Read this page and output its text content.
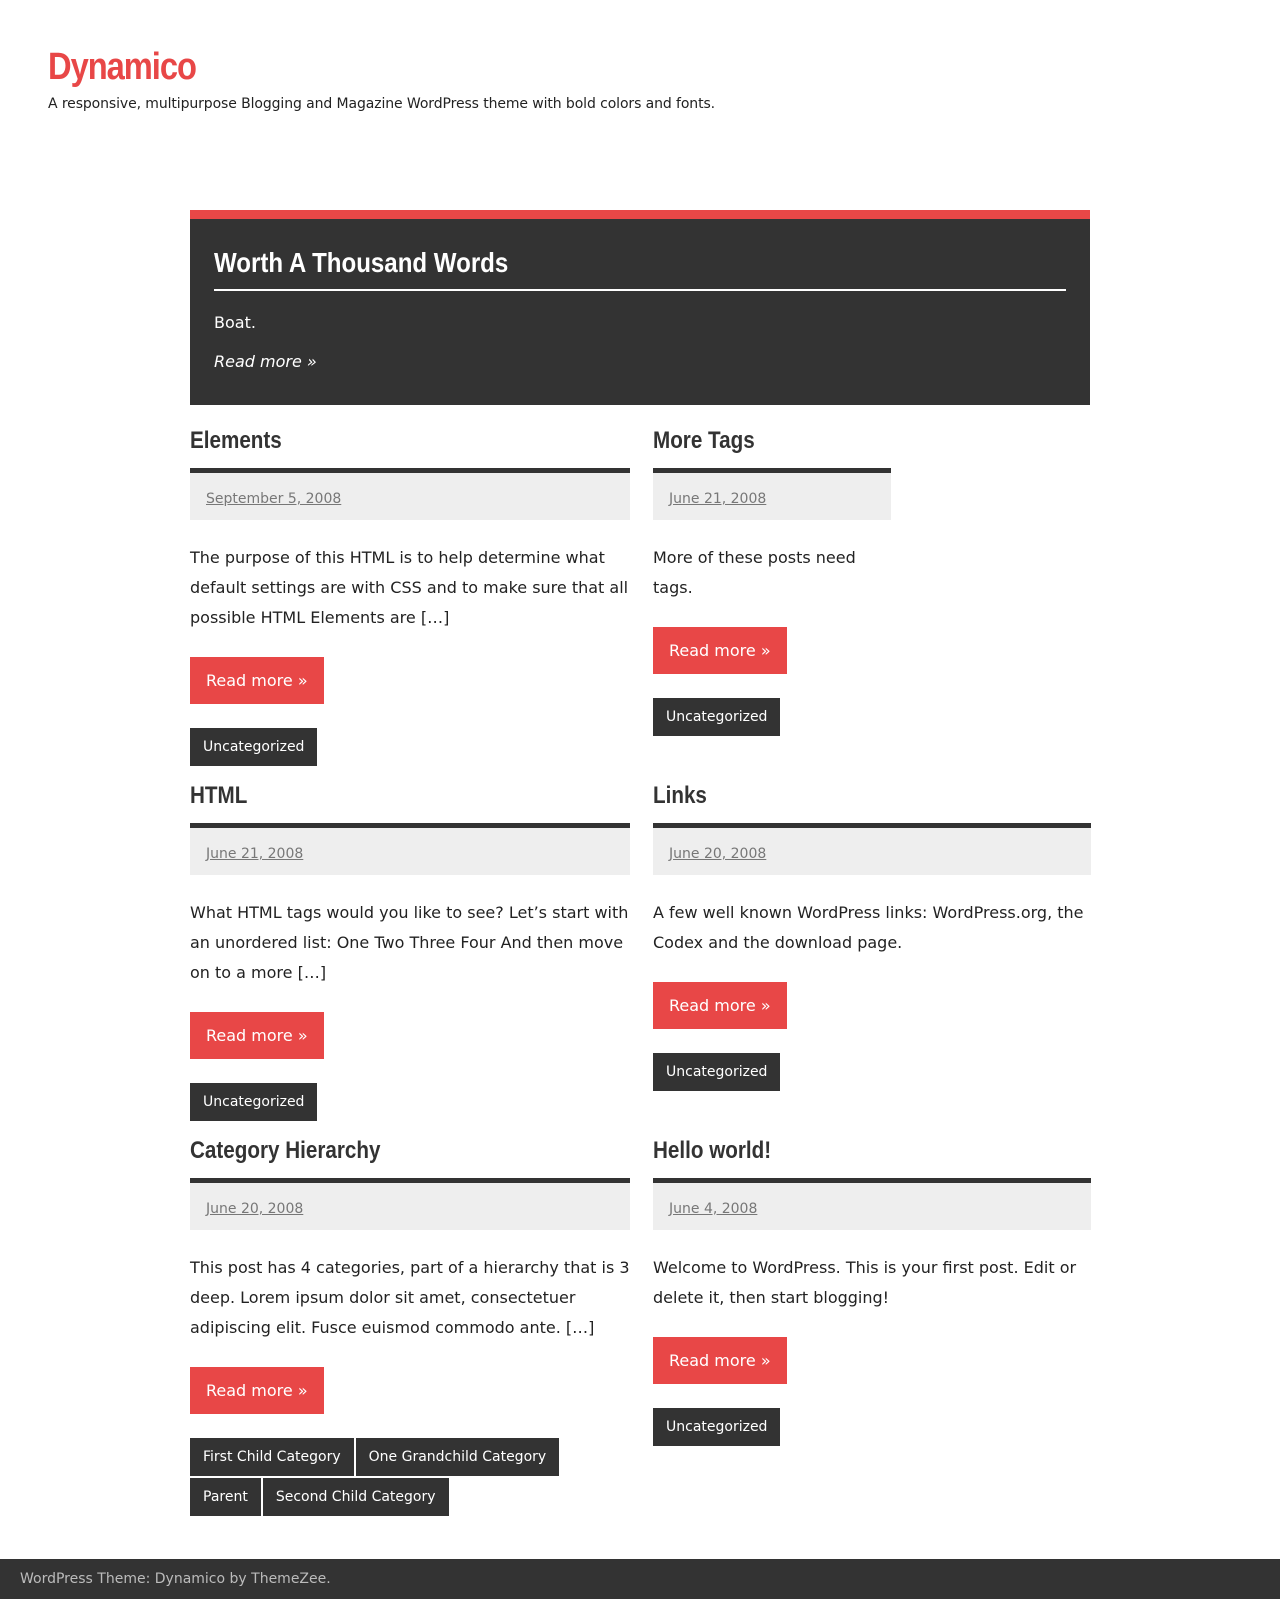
Dynamico

A responsive, multipurpose Blogging and Magazine WordPress theme with bold colors and fonts.

Worth A Thousand Words

Boat.

Read more »
Elements
September 5, 2008

The purpose of this HTML is to help determine what default settings are with CSS and to make sure that all possible HTML Elements are […]

Read more »
Uncategorized
More Tags
June 21, 2008

More of these posts need tags.

Read more »
Uncategorized
HTML
June 21, 2008

What HTML tags would you like to see? Let’s start with an unordered list: One Two Three Four And then move on to a more […]

Read more »
Uncategorized
Links
June 20, 2008

A few well known WordPress links: WordPress.org, the Codex and the download page.

Read more »
Uncategorized
Category Hierarchy
June 20, 2008

This post has 4 categories, part of a hierarchy that is 3 deep. Lorem ipsum dolor sit amet, consectetuer adipiscing elit. Fusce euismod commodo ante. […]

Read more »
First Child Category	One Grandchild Category
Parent	Second Child Category
Hello world!
June 4, 2008

Welcome to WordPress. This is your first post. Edit or delete it, then start blogging!

Read more »
Uncategorized
WordPress Theme: Dynamico by ThemeZee.
